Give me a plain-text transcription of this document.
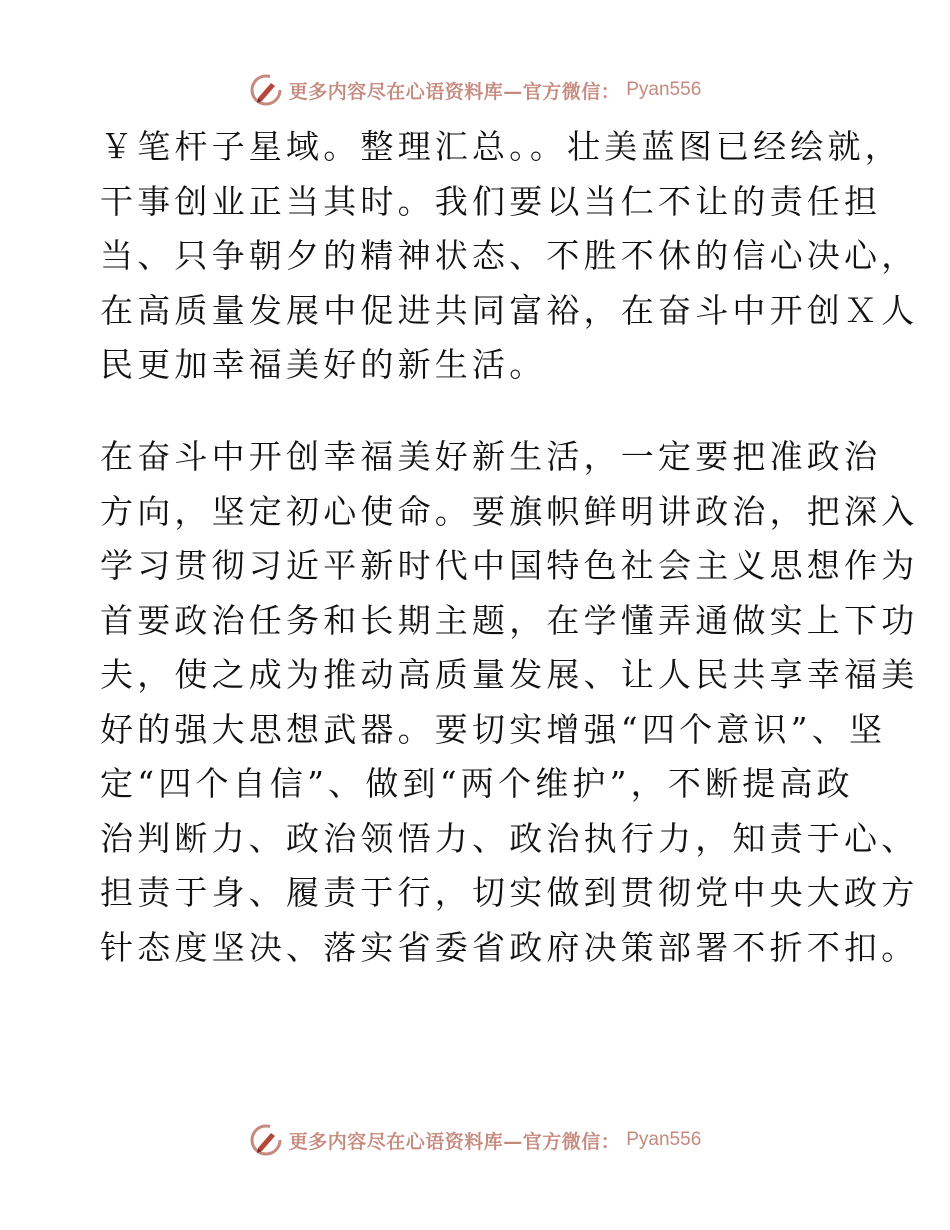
更多内容尽在心语资料库—官方微信： Pyan556
￥笔杆子星域。整理汇总。。壮美蓝图已经绘就，
干事创业正当其时。我们要以当仁不让的责任担
当、只争朝夕的精神状态、不胜不休的信心决心，
在高质量发展中促进共同富裕，在奋斗中开创Ｘ人
民更加幸福美好的新生活。
在奋斗中开创幸福美好新生活，一定要把准政治
方向，坚定初心使命。要旗帜鲜明讲政治，把深入
学习贯彻习近平新时代中国特色社会主义思想作为
首要政治任务和长期主题，在学懂弄通做实上下功
夫，使之成为推动高质量发展、让人民共享幸福美
好的强大思想武器。要切实增强“四个意识”、坚
定“四个自信”、做到“两个维护”，不断提高政
治判断力、政治领悟力、政治执行力，知责于心、
担责于身、履责于行，切实做到贯彻党中央大政方
针态度坚决、落实省委省政府决策部署不折不扣。
更多内容尽在心语资料库—官方微信： Pyan556
